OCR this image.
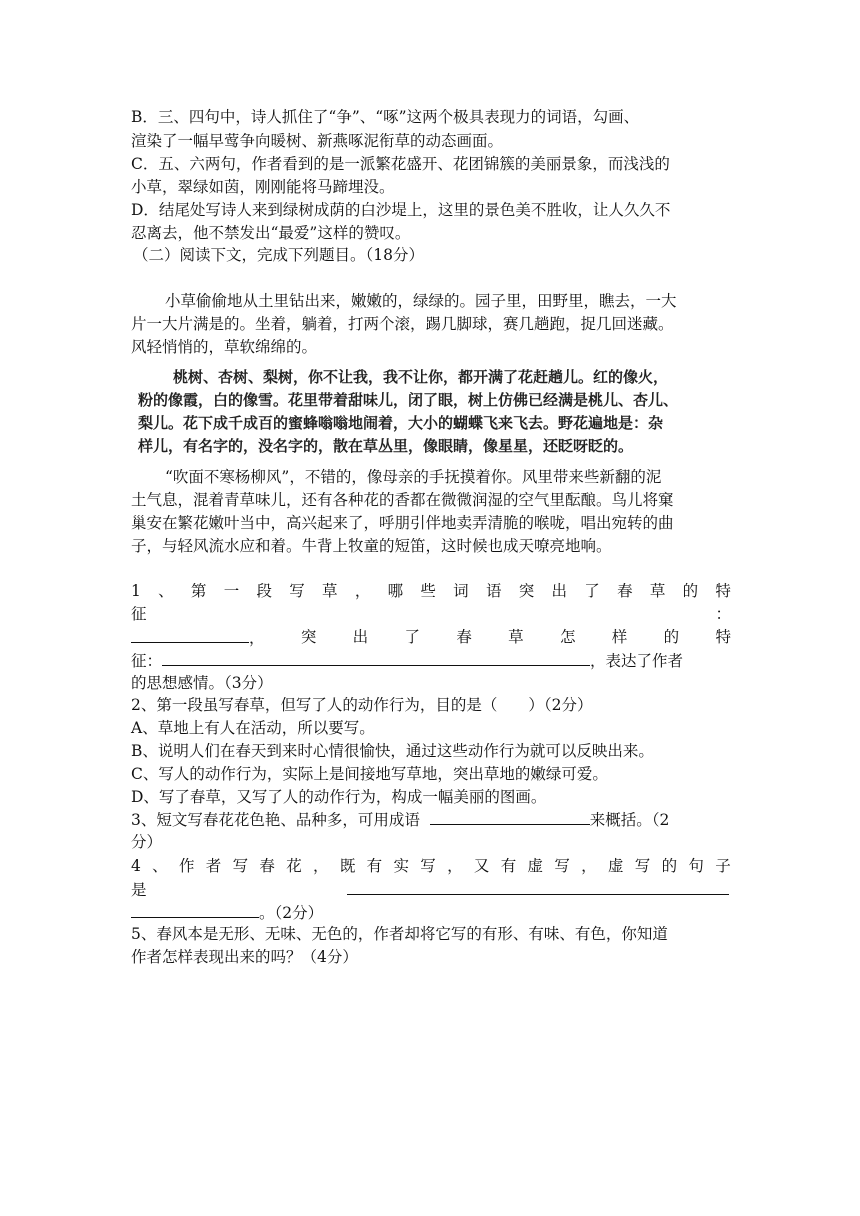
B．三、四句中，诗人抓住了“争”、“啄”这两个极具表现力的词语，勾画、
渲染了一幅早莺争向暖树、新燕啄泥衔草的动态画面。
C．五、六两句，作者看到的是一派繁花盛开、花团锦簇的美丽景象，而浅浅的
小草，翠绿如茵，刚刚能将马蹄埋没。
D．结尾处写诗人来到绿树成荫的白沙堤上，这里的景色美不胜收，让人久久不
忍离去，他不禁发出“最爱”这样的赞叹。
（二）阅读下文，完成下列题目。（18分）
小草偷偷地从土里钻出来，嫩嫩的，绿绿的。园子里，田野里，瞧去，一大
片一大片满是的。坐着，躺着，打两个滚，踢几脚球，赛几趟跑，捉几回迷藏。
风轻悄悄的，草软绵绵的。
桃树、杏树、梨树，你不让我，我不让你，都开满了花赶趟儿。红的像火，
粉的像霞，白的像雪。花里带着甜味儿，闭了眼，树上仿佛已经满是桃儿、杏儿、
梨儿。花下成千成百的蜜蜂嗡嗡地闹着，大小的蝴蝶飞来飞去。野花遍地是：杂
样儿，有名字的，没名字的，散在草丛里，像眼睛，像星星，还眨呀眨的。
“吹面不寒杨柳风”，不错的，像母亲的手抚摸着你。风里带来些新翻的泥
土气息，混着青草味儿，还有各种花的香都在微微润湿的空气里酝酿。鸟儿将窠
巢安在繁花嫩叶当中，高兴起来了，呼朋引伴地卖弄清脆的喉咙，唱出宛转的曲
子，与轻风流水应和着。牛背上牧童的短笛，这时候也成天嘹亮地响。
1 、 第 一 段 写 草 ， 哪 些 词 语 突 出 了 春 草 的 特
征	：
， 突 出 了 春 草 怎 样 的 特
征：	，表达了作者
的思想感情。（3分）
2、第一段虽写春草，但写了人的动作行为，目的是（　　）（2分）
A、草地上有人在活动，所以要写。
B、说明人们在春天到来时心情很愉快，通过这些动作行为就可以反映出来。
C、写人的动作行为，实际上是间接地写草地，突出草地的嫩绿可爱。
D、写了春草，又写了人的动作行为，构成一幅美丽的图画。
3、短文写春花花色艳、品种多，可用成语	来概括。（2
分）
4 、 作 者 写 春 花 ， 既 有 实 写 ， 又 有 虚 写 ， 虚 写 的 句 子
是
。（2分）
5、春风本是无形、无味、无色的，作者却将它写的有形、有味、有色，你知道
作者怎样表现出来的吗？（4分）
